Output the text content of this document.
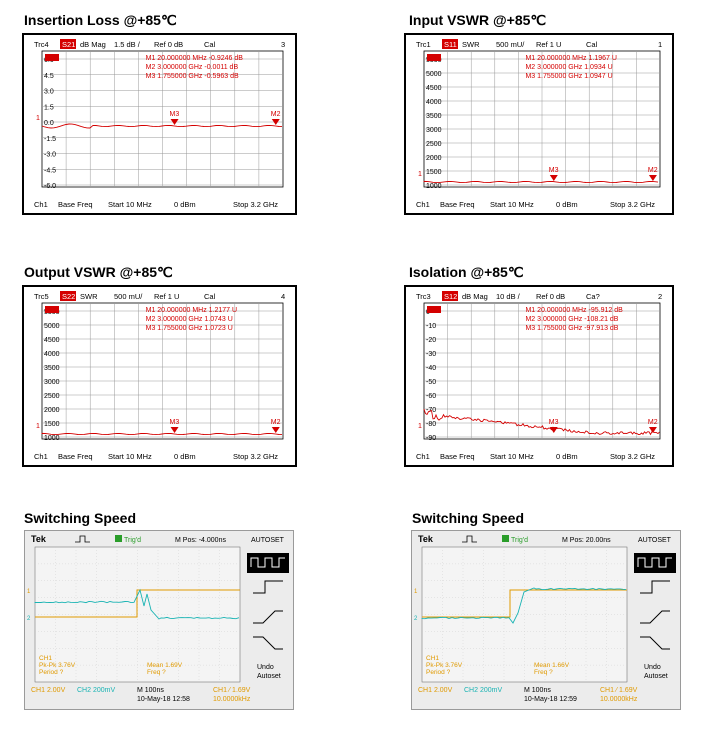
Insertion Loss @+85℃	Input VSWR @+85℃
Output VSWR @+85℃	Isolation @+85℃
Switching Speed	Switching Speed
Trc4 S21 dB Mag 1.5 dB / Ref 0 dB	Cal	3
4.5
3.0
1.5
0.0
-1.5
-3.0
-4.5
-6.0
M1 20.000000 MHz -0.9246 dB
M2 3.000000 GHz -0.0011 dB
M3 1.755000 GHz -0.5963 dB
M3	M2
1
Ch1 Base Freq Start 10 MHz	0 dBm	Stop 3.2 GHz
Trc1 S11 SWR 500 mU/ Ref 1 U	Cal	1
5000
4500
4000
3500
3000
2500
2000
1500
1000
M1 20.000000 MHz 1.1967 U
M2 3.000000 GHz 1.0934 U
M3 1.755000 GHz 1.0947 U
M3	M2
1
Ch1 Base Freq Start 10 MHz	0 dBm	Stop 3.2 GHz
Trc5 S22 SWR 500 mU/ Ref 1 U	Cal	4
5000
4500
4000
3500
3000
2500
2000
1500
1000
M1 20.000000 MHz 1.2177 U
M2 3.000000 GHz 1.0743 U
M3 1.755000 GHz 1.0723 U
M3	M2
1
Ch1 Base Freq Start 10 MHz	0 dBm	Stop 3.2 GHz
Trc3 S12 dB Mag 10 dB / Ref 0 dB	Ca?	2
-10
-20
-30
-40
-50
-60
-70
-80
-90
M1 20.000000 MHz -95.912 dB
M2 3.000000 GHz -108.21 dB
M3 1.755000 GHz -97.913 dB
M3	M2
1
Ch1 Base Freq Start 10 MHz	0 dBm	Stop 3.2 GHz
Tek	Trig'd	M Pos: -4.000ns	AUTOSET
2
1
CH1
Pk-Pk 3.76V
Period ?
Mean 1.69V
Freq ?
Undo
Autoset
CH1 2.00V CH2 200mV	M 100ns
10-May-18 12:58
CH1 ⁄ 1.69V
10.0000kHz
Tek	Trig'd	M Pos: 20.00ns	AUTOSET
2
1
CH1
Pk-Pk 3.76V
Period ?
Mean 1.66V
Freq ?
Undo
Autoset
CH1 2.00V CH2 200mV	M 100ns
10-May-18 12:59
CH1 ⁄ 1.69V
10.0000kHz
